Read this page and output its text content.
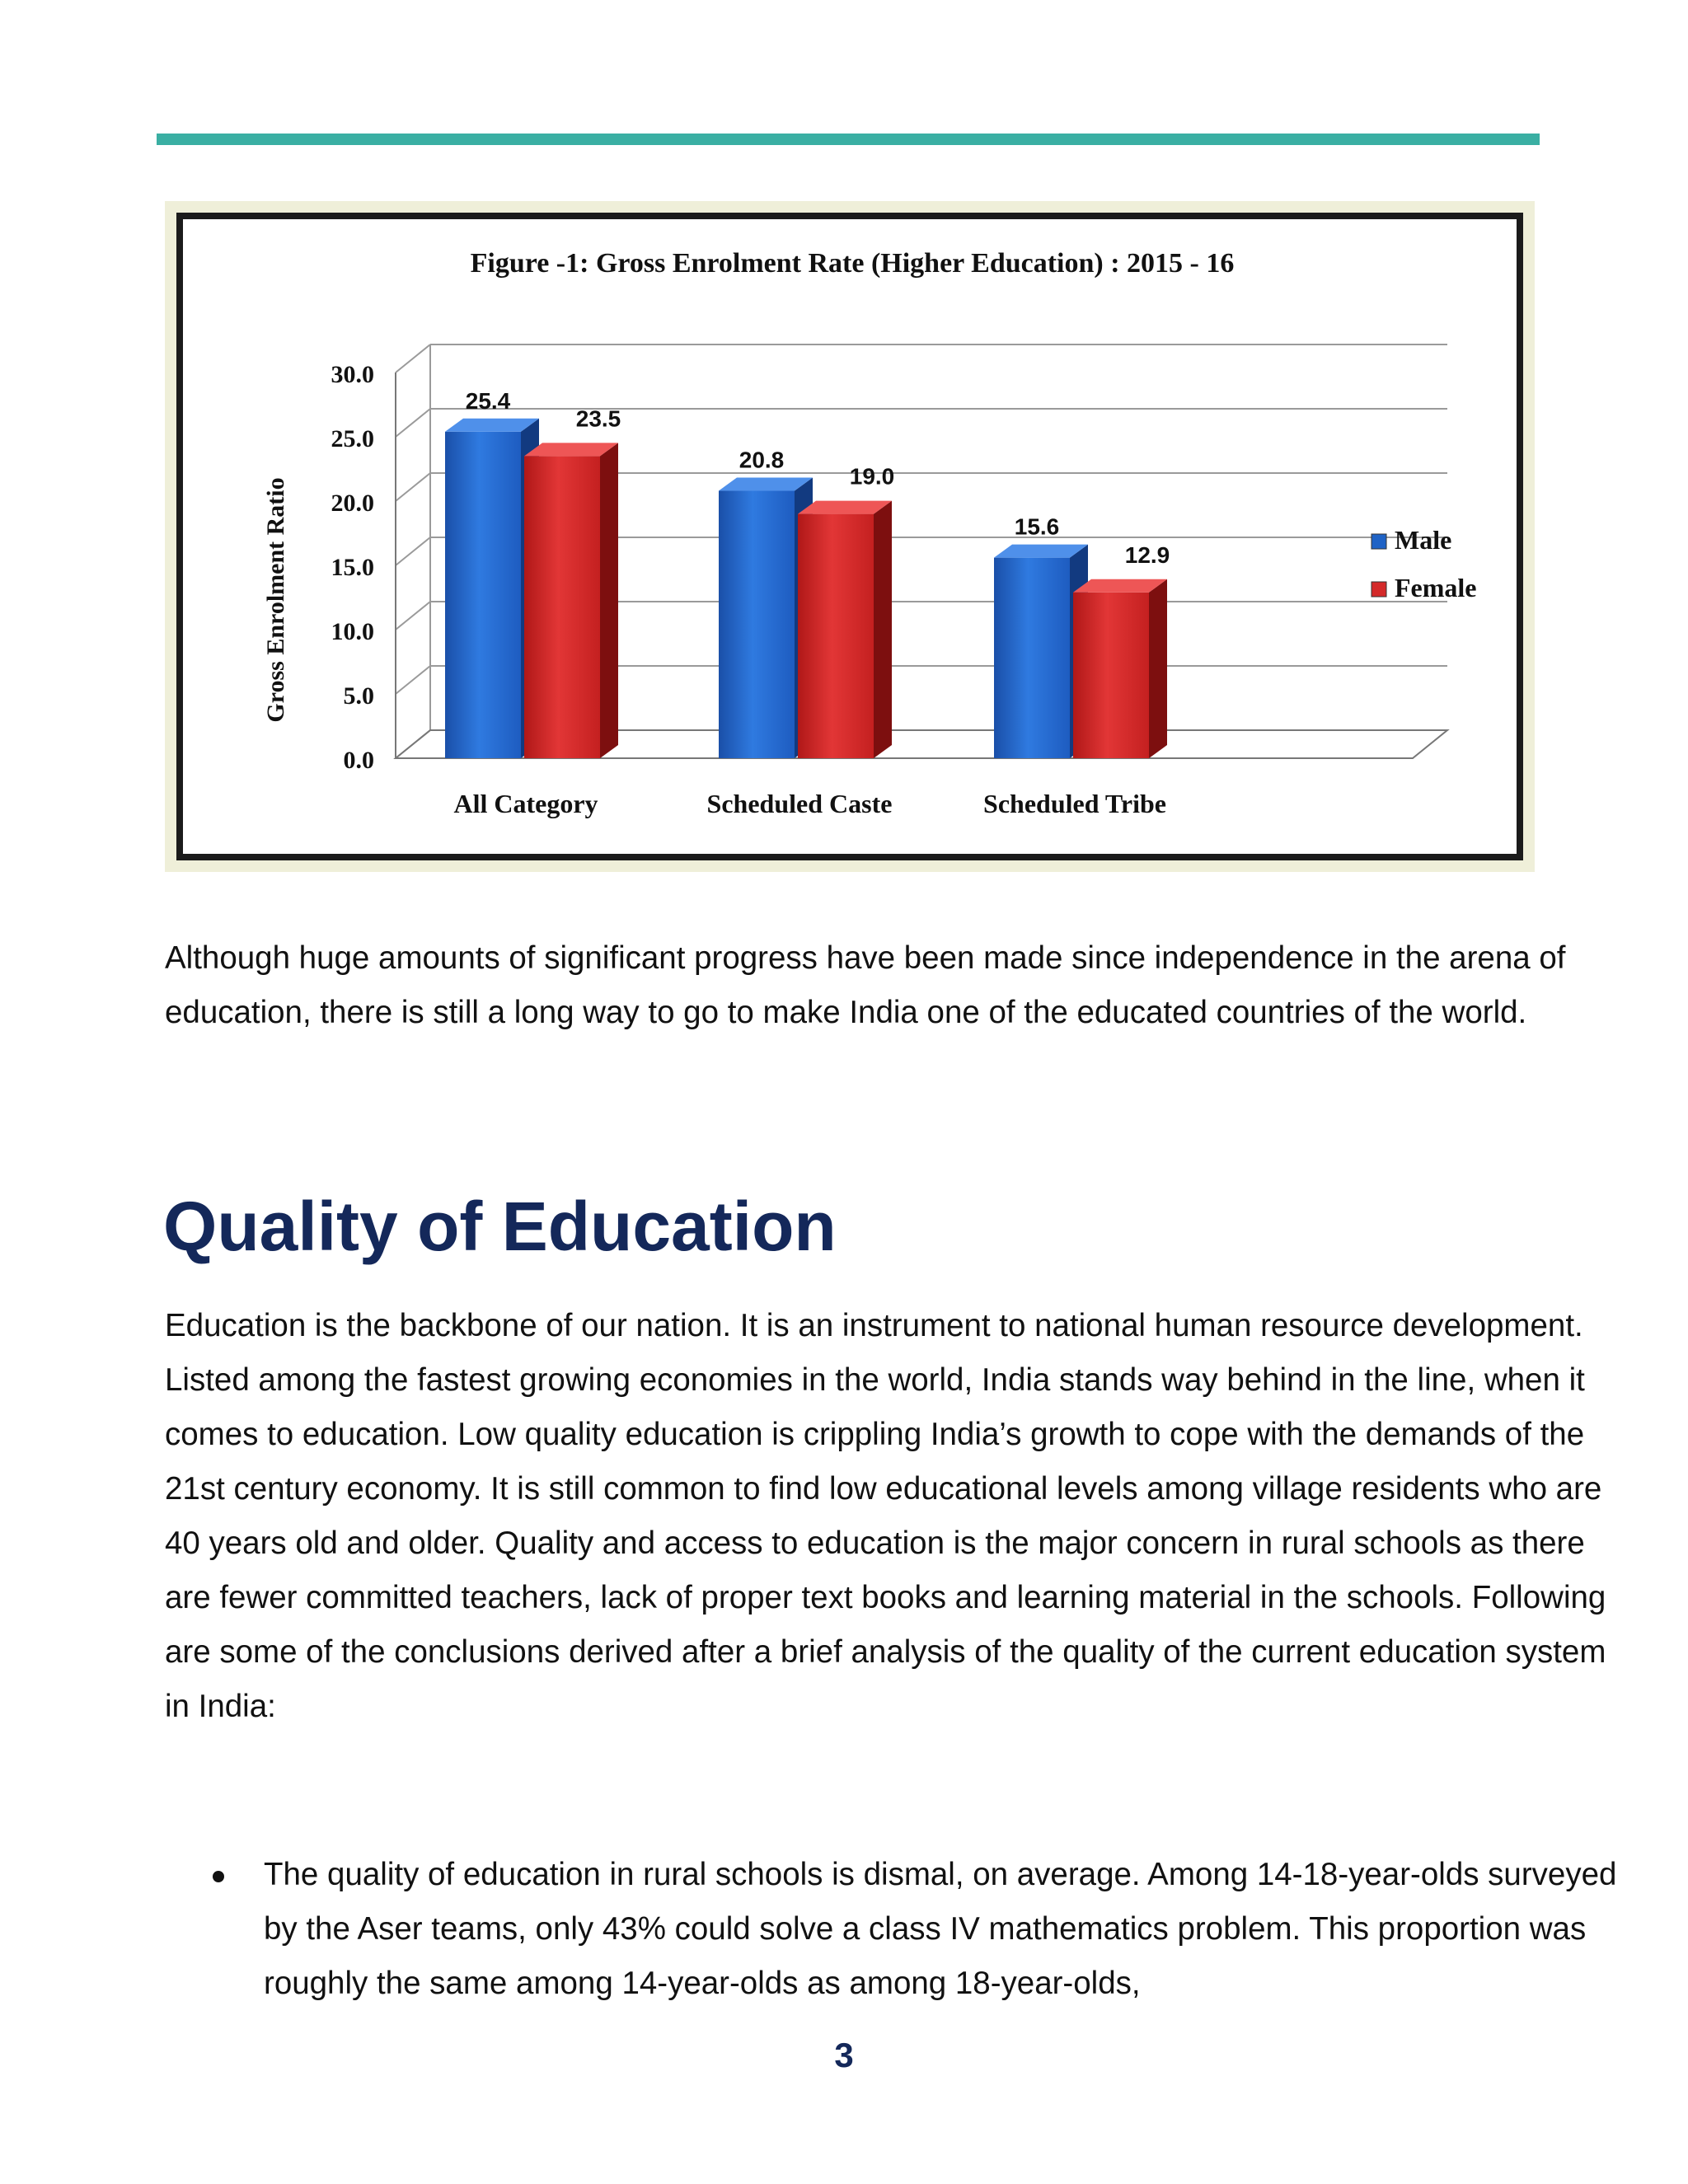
Figure -1: Gross Enrolment Rate (Higher Education) : 2015 - 16
Gross Enrolment Ratio
0.0
5.0
10.0
15.0
20.0
25.0
30.0
25.4
23.5
All Category
20.8
19.0
Scheduled Caste
15.6
12.9
Scheduled Tribe
Male
Female

Although huge amounts of significant progress have been made since independence in the arena of education, there is still a long way to go to make India one of the educated countries of the world.

Quality of Education

Education is the backbone of our nation. It is an instrument to national human resource development. Listed among the fastest growing economies in the world, India stands way behind in the line, when it comes to education. Low quality education is crippling India’s growth to cope with the demands of the 21st century economy. It is still common to find low educational levels among village residents who are 40 years old and older. Quality and access to education is the major concern in rural schools as there are fewer committed teachers, lack of proper text books and learning material in the schools. Following are some of the conclusions derived after a brief analysis of the quality of the current education system in India:

The quality of education in rural schools is dismal, on average. Among 14-18-year-olds surveyed by the Aser teams, only 43% could solve a class IV mathematics problem. This proportion was roughly the same among 14-year-olds as among 18-year-olds,
3
